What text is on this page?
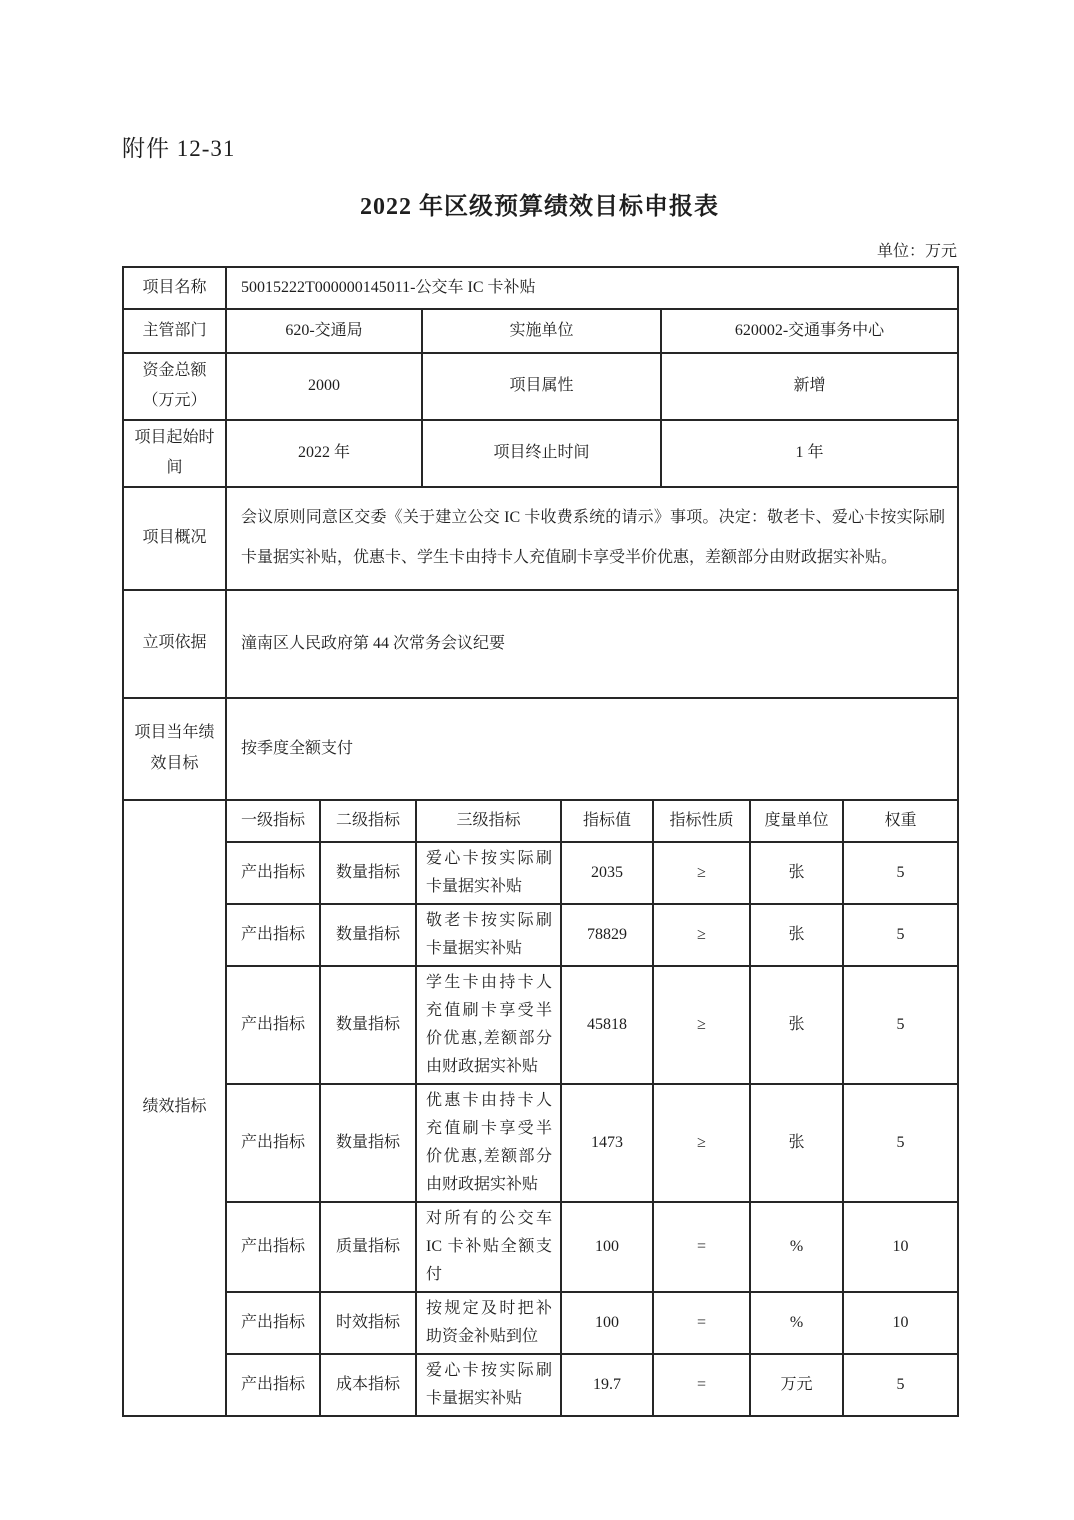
附件 12-31
2022 年区级预算绩效目标申报表
单位：万元
项目名称	50015222T000000145011-公交车 IC 卡补贴		
主管部门	620-交通局	实施单位	620002-交通事务中心
资金总额（万元）	2000	项目属性	新增
项目起始时间	2022 年	项目终止时间	1 年
项目概况	会议原则同意区交委《关于建立公交 IC 卡收费系统的请示》事项。决定：敬老卡、爱心卡按实际刷卡量据实补贴，优惠卡、学生卡由持卡人充值刷卡享受半价优惠，差额部分由财政据实补贴。		
立项依据	潼南区人民政府第 44 次常务会议纪要		
项目当年绩效目标	按季度全额支付		
绩效指标	一级指标	二级指标	三级指标	指标值	指标性质	度量单位	权重
	产出指标	数量指标	爱心卡按实际刷卡量据实补贴	2035	≥	张	5
	产出指标	数量指标	敬老卡按实际刷卡量据实补贴	78829	≥	张	5
	产出指标	数量指标	学生卡由持卡人充值刷卡享受半价优惠,差额部分由财政据实补贴	45818	≥	张	5
	产出指标	数量指标	优惠卡由持卡人充值刷卡享受半价优惠,差额部分由财政据实补贴	1473	≥	张	5
	产出指标	质量指标	对所有的公交车 IC 卡补贴全额支付	100	=	%	10
	产出指标	时效指标	按规定及时把补助资金补贴到位	100	=	%	10
	产出指标	成本指标	爱心卡按实际刷卡量据实补贴	19.7	=	万元	5
